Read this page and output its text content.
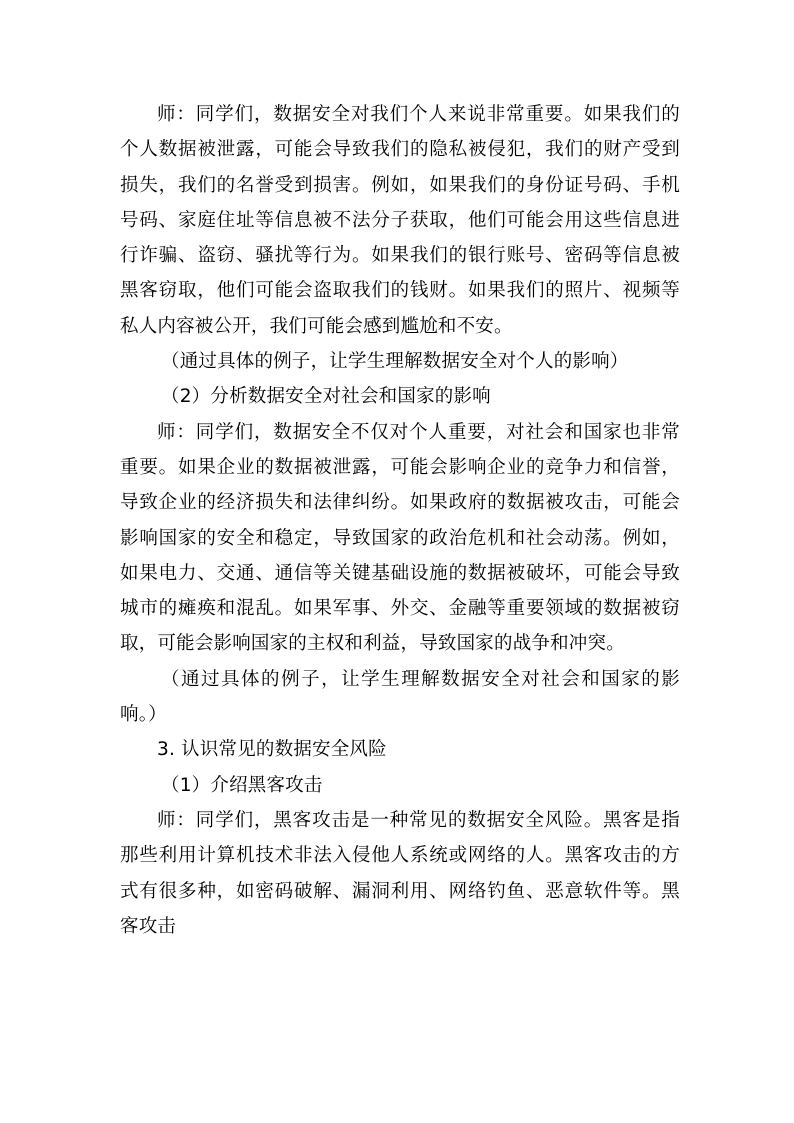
师：同学们，数据安全对我们个人来说非常重要。如果我们的个人数据被泄露，可能会导致我们的隐私被侵犯，我们的财产受到损失，我们的名誉受到损害。例如，如果我们的身份证号码、手机号码、家庭住址等信息被不法分子获取，他们可能会用这些信息进行诈骗、盗窃、骚扰等行为。如果我们的银行账号、密码等信息被黑客窃取，他们可能会盗取我们的钱财。如果我们的照片、视频等私人内容被公开，我们可能会感到尴尬和不安。

（通过具体的例子，让学生理解数据安全对个人的影响）

（2）分析数据安全对社会和国家的影响

师：同学们，数据安全不仅对个人重要，对社会和国家也非常重要。如果企业的数据被泄露，可能会影响企业的竞争力和信誉，导致企业的经济损失和法律纠纷。如果政府的数据被攻击，可能会影响国家的安全和稳定，导致国家的政治危机和社会动荡。例如，如果电力、交通、通信等关键基础设施的数据被破坏，可能会导致城市的瘫痪和混乱。如果军事、外交、金融等重要领域的数据被窃取，可能会影响国家的主权和利益，导致国家的战争和冲突。

（通过具体的例子，让学生理解数据安全对社会和国家的影响。）

3. 认识常见的数据安全风险

（1）介绍黑客攻击

师：同学们，黑客攻击是一种常见的数据安全风险。黑客是指那些利用计算机技术非法入侵他人系统或网络的人。黑客攻击的方式有很多种，如密码破解、漏洞利用、网络钓鱼、恶意软件等。黑客攻击
